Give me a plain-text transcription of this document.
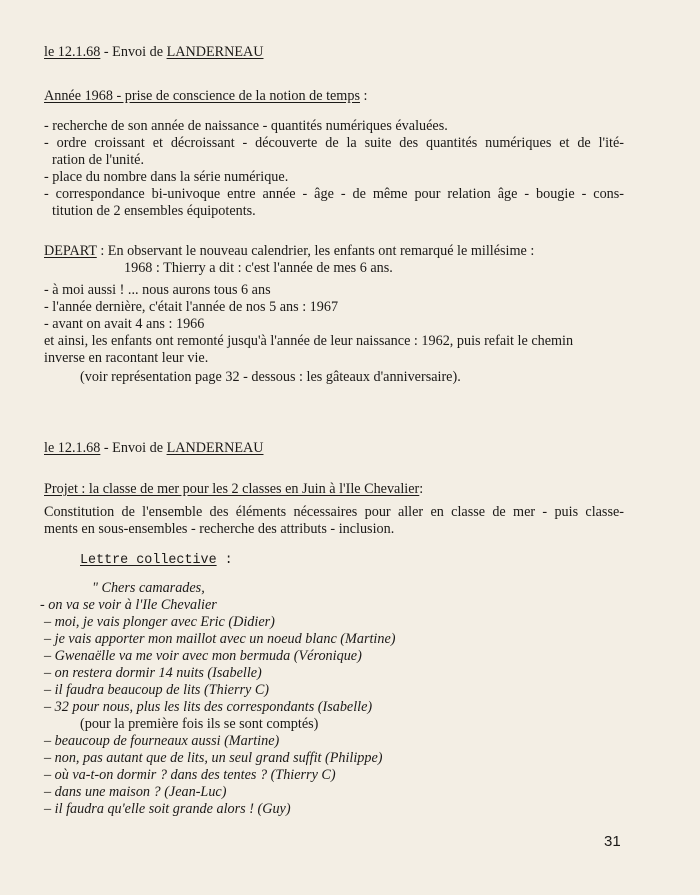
le 12.1.68 - Envoi de LANDERNEAU
Année 1968 - prise de conscience de la notion de temps :
- recherche de son année de naissance - quantités numériques évaluées.
- ordre croissant et décroissant - découverte de la suite des quantités numériques et de l'ité-
ration de l'unité.
- place du nombre dans la série numérique.
- correspondance bi-univoque entre année - âge - de même pour relation âge - bougie - cons-
titution de 2 ensembles équipotents.
DEPART : En observant le nouveau calendrier, les enfants ont remarqué le millésime :
1968 : Thierry a dit : c'est l'année de mes 6 ans.
- à moi aussi ! ... nous aurons tous 6 ans
- l'année dernière, c'était l'année de nos 5 ans : 1967
- avant on avait 4 ans : 1966
et ainsi, les enfants ont remonté jusqu'à l'année de leur naissance : 1962, puis refait le chemin
inverse en racontant leur vie.
(voir représentation page 32 - dessous : les gâteaux d'anniversaire).
le 12.1.68 - Envoi de LANDERNEAU
Projet : la classe de mer pour les 2 classes en Juin à l'Ile Chevalier:
Constitution de l'ensemble des éléments nécessaires pour aller en classe de mer - puis classe-
ments en sous-ensembles - recherche des attributs - inclusion.
Lettre collective :
" Chers camarades,
- on va se voir à l'Ile Chevalier
– moi, je vais plonger avec Eric (Didier)
– je vais apporter mon maillot avec un noeud blanc (Martine)
– Gwenaëlle va me voir avec mon bermuda (Véronique)
– on restera dormir 14 nuits (Isabelle)
– il faudra beaucoup de lits (Thierry C)
– 32 pour nous, plus les lits des correspondants (Isabelle)
(pour la première fois ils se sont comptés)
– beaucoup de fourneaux aussi (Martine)
– non, pas autant que de lits, un seul grand suffit (Philippe)
– où va-t-on dormir ? dans des tentes ? (Thierry C)
– dans une maison ? (Jean-Luc)
– il faudra qu'elle soit grande alors ! (Guy)
31
